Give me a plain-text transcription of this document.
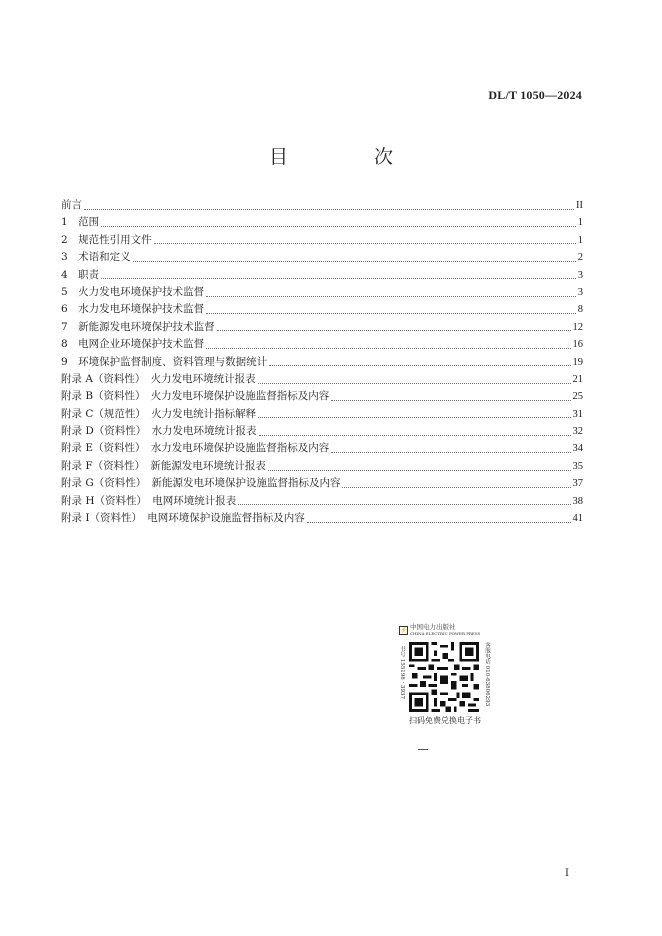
DL/T 1050—2024
目 次
前言	II
1　范围	1
2　规范性引用文件	1
3　术语和定义	2
4　职责	3
5　火力发电环境保护技术监督	3
6　水力发电环境保护技术监督	8
7　新能源发电环境保护技术监督	12
8　电网企业环境保护技术监督	16
9　环境保护监督制度、资料管理与数据统计	19
附录 A（资料性）　火力发电环境统计报表	21
附录 B（资料性）　火力发电环境保护设施监督指标及内容	25
附录 C（规范性）　火力发电统计指标解释	31
附录 D（资料性）　水力发电环境统计报表	32
附录 E（资料性）　水力发电环境保护设施监督指标及内容	34
附录 F（资料性）　新能源发电环境统计报表	35
附录 G（资料性）　新能源发电环境保护设施监督指标及内容	37
附录 H（资料性）　电网环境统计报表	38
附录 I（资料性）　电网环境保护设施监督指标及内容	41
⚡ 中国电力出版社
CHINA ELECTRIC POWER PRESS
书号 155198 · 3937	客服电话 010-63806293
扫码免费兑换电子书
I
